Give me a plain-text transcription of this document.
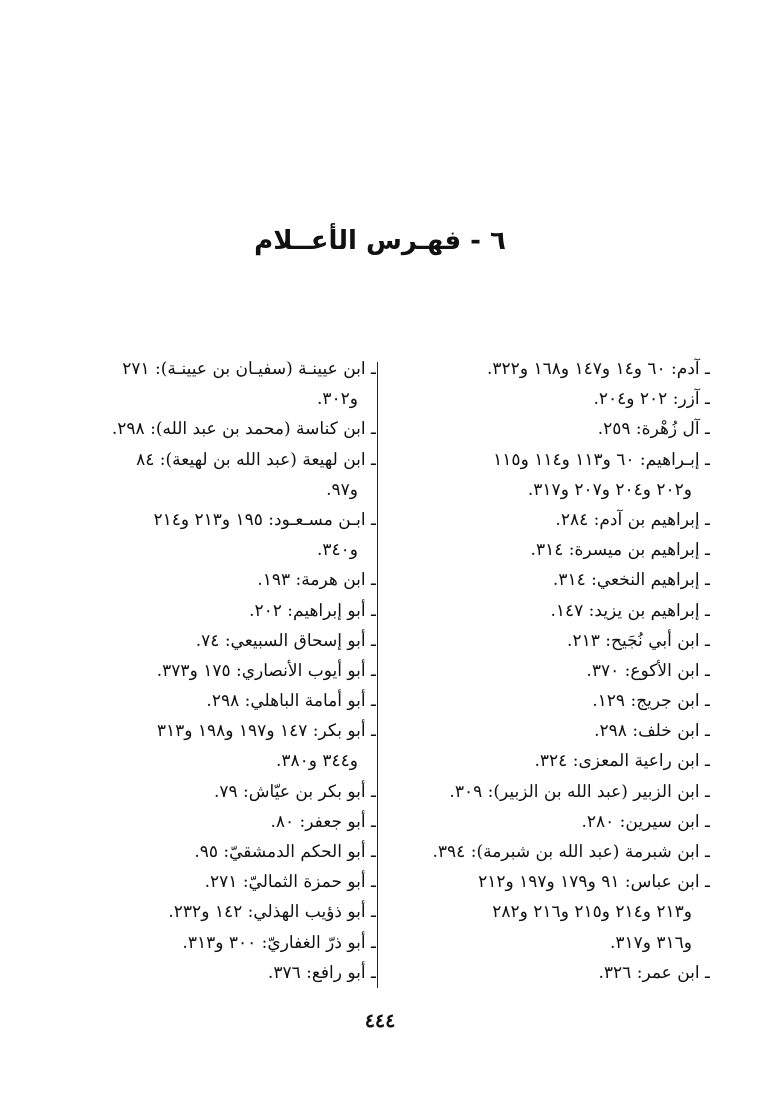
٦ - فهـرس الأعــلام
ـ آدم: ٦٠ و١٤ و١٤٧ و١٦٨ و٣٢٢.
ـ آزر: ٢٠٢ و٢٠٤.
ـ آل زُهْرة: ٢٥٩.
ـ إبـراهيم: ٦٠ و١١٣ و١١٤ و١١٥
و٢٠٢ و٢٠٤ و٢٠٧ و٣١٧.
ـ إبراهيم بن آدم: ٢٨٤.
ـ إبراهيم بن ميسرة: ٣١٤.
ـ إبراهيم النخعي: ٣١٤.
ـ إبراهيم بن يزيد: ١٤٧.
ـ ابن أبي نُجَيح: ٢١٣.
ـ ابن الأكوع: ٣٧٠.
ـ ابن جريج: ١٢٩.
ـ ابن خلف: ٢٩٨.
ـ ابن راعية المعزى: ٣٢٤.
ـ ابن الزبير (عبد الله بن الزبير): ٣٠٩.
ـ ابن سيرين: ٢٨٠.
ـ ابن شبرمة (عبد الله بن شبرمة): ٣٩٤.
ـ ابن عباس: ٩١ و١٧٩ و١٩٧ و٢١٢
و٢١٣ و٢١٤ و٢١٥ و٢١٦ و٢٨٢
و٣١٦ و٣١٧.
ـ ابن عمر: ٣٢٦.
ـ ابن عيينـة (سفيـان بن عيينـة): ٢٧١
و٣٠٢.
ـ ابن كناسة (محمد بن عبد الله): ٢٩٨.
ـ ابن لهيعة (عبد الله بن لهيعة): ٨٤
و٩٧.
ـ ابـن مسـعـود: ١٩٥ و٢١٣ و٢١٤
و٣٤٠.
ـ ابن هرمة: ١٩٣.
ـ أبو إبراهيم: ٢٠٢.
ـ أبو إسحاق السبيعي: ٧٤.
ـ أبو أيوب الأنصاري: ١٧٥ و٣٧٣.
ـ أبو أمامة الباهلي: ٢٩٨.
ـ أبو بكر: ١٤٧ و١٩٧ و١٩٨ و٣١٣
و٣٤٤ و٣٨٠.
ـ أبو بكر بن عيّاش: ٧٩.
ـ أبو جعفر: ٨٠.
ـ أبو الحكم الدمشقيّ: ٩٥.
ـ أبو حمزة الثماليّ: ٢٧١.
ـ أبو ذؤيب الهذلي: ١٤٢ و٢٣٢.
ـ أبو ذرّ الغفاريّ: ٣٠٠ و٣١٣.
ـ أبو رافع: ٣٧٦.
٤٤٤
